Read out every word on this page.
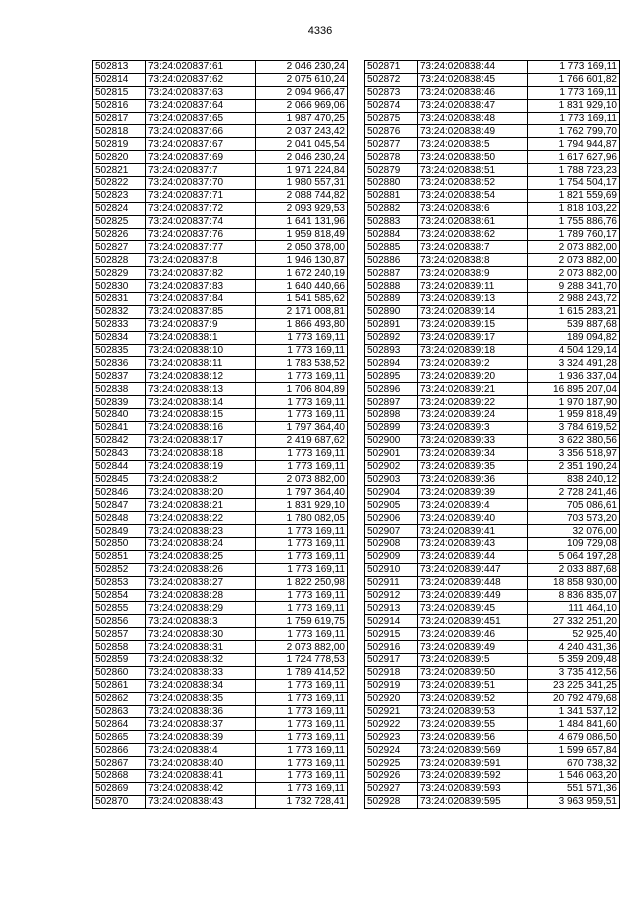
4336
502813	73:24:020837:61	2 046 230,24
502814	73:24:020837:62	2 075 610,24
502815	73:24:020837:63	2 094 966,47
502816	73:24:020837:64	2 066 969,06
502817	73:24:020837:65	1 987 470,25
502818	73:24:020837:66	2 037 243,42
502819	73:24:020837:67	2 041 045,54
502820	73:24:020837:69	2 046 230,24
502821	73:24:020837:7	1 971 224,84
502822	73:24:020837:70	1 980 557,31
502823	73:24:020837:71	2 088 744,82
502824	73:24:020837:72	2 093 929,53
502825	73:24:020837:74	1 641 131,96
502826	73:24:020837:76	1 959 818,49
502827	73:24:020837:77	2 050 378,00
502828	73:24:020837:8	1 946 130,87
502829	73:24:020837:82	1 672 240,19
502830	73:24:020837:83	1 640 440,66
502831	73:24:020837:84	1 541 585,62
502832	73:24:020837:85	2 171 008,81
502833	73:24:020837:9	1 866 493,80
502834	73:24:020838:1	1 773 169,11
502835	73:24:020838:10	1 773 169,11
502836	73:24:020838:11	1 783 538,52
502837	73:24:020838:12	1 773 169,11
502838	73:24:020838:13	1 706 804,89
502839	73:24:020838:14	1 773 169,11
502840	73:24:020838:15	1 773 169,11
502841	73:24:020838:16	1 797 364,40
502842	73:24:020838:17	2 419 687,62
502843	73:24:020838:18	1 773 169,11
502844	73:24:020838:19	1 773 169,11
502845	73:24:020838:2	2 073 882,00
502846	73:24:020838:20	1 797 364,40
502847	73:24:020838:21	1 831 929,10
502848	73:24:020838:22	1 780 082,05
502849	73:24:020838:23	1 773 169,11
502850	73:24:020838:24	1 773 169,11
502851	73:24:020838:25	1 773 169,11
502852	73:24:020838:26	1 773 169,11
502853	73:24:020838:27	1 822 250,98
502854	73:24:020838:28	1 773 169,11
502855	73:24:020838:29	1 773 169,11
502856	73:24:020838:3	1 759 619,75
502857	73:24:020838:30	1 773 169,11
502858	73:24:020838:31	2 073 882,00
502859	73:24:020838:32	1 724 778,53
502860	73:24:020838:33	1 789 414,52
502861	73:24:020838:34	1 773 169,11
502862	73:24:020838:35	1 773 169,11
502863	73:24:020838:36	1 773 169,11
502864	73:24:020838:37	1 773 169,11
502865	73:24:020838:39	1 773 169,11
502866	73:24:020838:4	1 773 169,11
502867	73:24:020838:40	1 773 169,11
502868	73:24:020838:41	1 773 169,11
502869	73:24:020838:42	1 773 169,11
502870	73:24:020838:43	1 732 728,41
502871	73:24:020838:44	1 773 169,11
502872	73:24:020838:45	1 766 601,82
502873	73:24:020838:46	1 773 169,11
502874	73:24:020838:47	1 831 929,10
502875	73:24:020838:48	1 773 169,11
502876	73:24:020838:49	1 762 799,70
502877	73:24:020838:5	1 794 944,87
502878	73:24:020838:50	1 617 627,96
502879	73:24:020838:51	1 788 723,23
502880	73:24:020838:52	1 754 504,17
502881	73:24:020838:54	1 821 559,69
502882	73:24:020838:6	1 818 103,22
502883	73:24:020838:61	1 755 886,76
502884	73:24:020838:62	1 789 760,17
502885	73:24:020838:7	2 073 882,00
502886	73:24:020838:8	2 073 882,00
502887	73:24:020838:9	2 073 882,00
502888	73:24:020839:11	9 288 341,70
502889	73:24:020839:13	2 988 243,72
502890	73:24:020839:14	1 615 283,21
502891	73:24:020839:15	539 887,68
502892	73:24:020839:17	189 094,82
502893	73:24:020839:18	4 504 129,14
502894	73:24:020839:2	3 324 491,28
502895	73:24:020839:20	1 936 337,04
502896	73:24:020839:21	16 895 207,04
502897	73:24:020839:22	1 970 187,90
502898	73:24:020839:24	1 959 818,49
502899	73:24:020839:3	3 784 619,52
502900	73:24:020839:33	3 622 380,56
502901	73:24:020839:34	3 356 518,97
502902	73:24:020839:35	2 351 190,24
502903	73:24:020839:36	838 240,12
502904	73:24:020839:39	2 728 241,46
502905	73:24:020839:4	705 086,61
502906	73:24:020839:40	703 573,20
502907	73:24:020839:41	32 076,00
502908	73:24:020839:43	109 729,08
502909	73:24:020839:44	5 064 197,28
502910	73:24:020839:447	2 033 887,68
502911	73:24:020839:448	18 858 930,00
502912	73:24:020839:449	8 836 835,07
502913	73:24:020839:45	111 464,10
502914	73:24:020839:451	27 332 251,20
502915	73:24:020839:46	52 925,40
502916	73:24:020839:49	4 240 431,36
502917	73:24:020839:5	5 359 209,48
502918	73:24:020839:50	3 735 412,56
502919	73:24:020839:51	23 225 341,25
502920	73:24:020839:52	20 792 479,68
502921	73:24:020839:53	1 341 537,12
502922	73:24:020839:55	1 484 841,60
502923	73:24:020839:56	4 679 086,50
502924	73:24:020839:569	1 599 657,84
502925	73:24:020839:591	670 738,32
502926	73:24:020839:592	1 546 063,20
502927	73:24:020839:593	551 571,36
502928	73:24:020839:595	3 963 959,51
